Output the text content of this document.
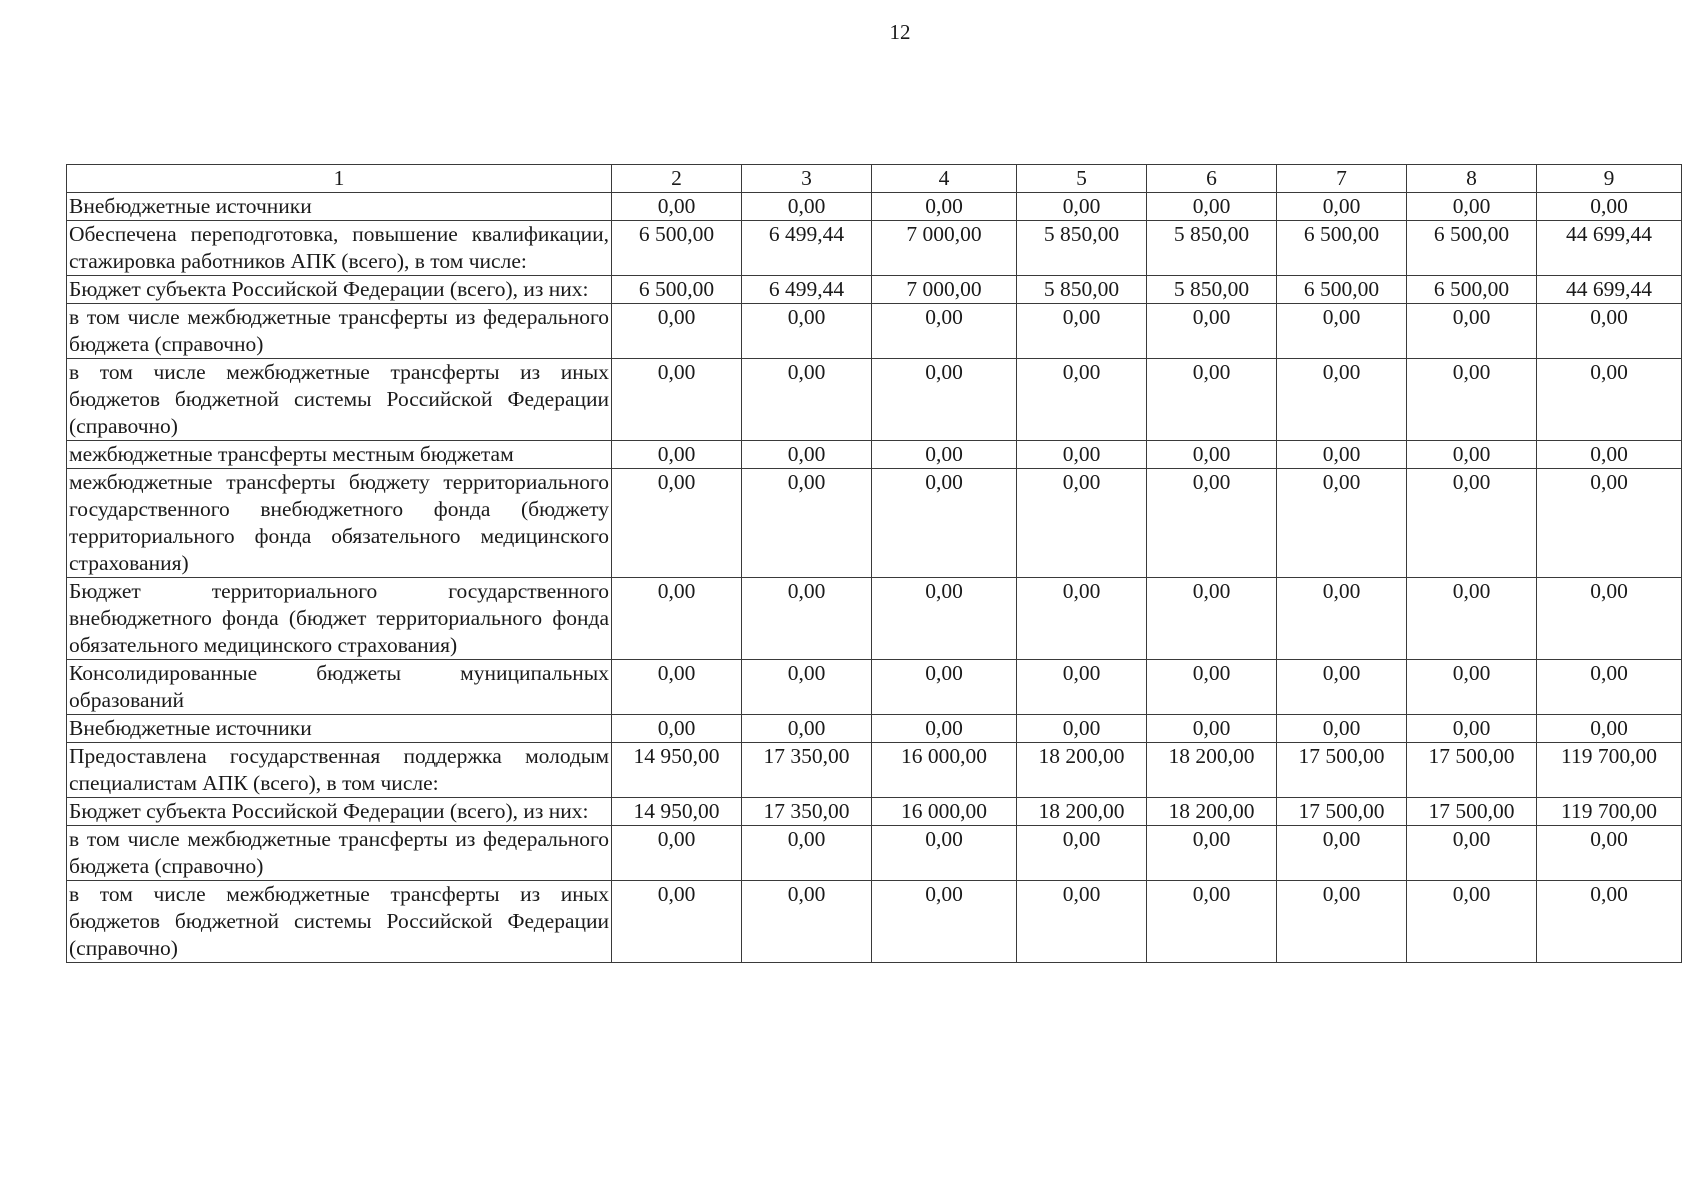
12
1	2	3	4	5	6	7	8	9
Внебюджетные источники	0,00	0,00	0,00	0,00	0,00	0,00	0,00	0,00
Обеспечена переподготовка, повышение квалификации, стажировка работников АПК (всего), в том числе:	6 500,00	6 499,44	7 000,00	5 850,00	5 850,00	6 500,00	6 500,00	44 699,44
Бюджет субъекта Российской Федерации (всего), из них:	6 500,00	6 499,44	7 000,00	5 850,00	5 850,00	6 500,00	6 500,00	44 699,44
в том числе межбюджетные трансферты из федерального бюджета (справочно)	0,00	0,00	0,00	0,00	0,00	0,00	0,00	0,00
в том числе межбюджетные трансферты из иных бюджетов бюджетной системы Российской Федерации (справочно)	0,00	0,00	0,00	0,00	0,00	0,00	0,00	0,00
межбюджетные трансферты местным бюджетам	0,00	0,00	0,00	0,00	0,00	0,00	0,00	0,00
межбюджетные трансферты бюджету территориального государственного внебюджетного фонда (бюджету территориального фонда обязательного медицинского страхования)	0,00	0,00	0,00	0,00	0,00	0,00	0,00	0,00
Бюджет территориального государственного внебюджетного фонда (бюджет территориального фонда обязательного медицинского страхования)	0,00	0,00	0,00	0,00	0,00	0,00	0,00	0,00
Консолидированные бюджеты муниципальных образований	0,00	0,00	0,00	0,00	0,00	0,00	0,00	0,00
Внебюджетные источники	0,00	0,00	0,00	0,00	0,00	0,00	0,00	0,00
Предоставлена государственная поддержка молодым специалистам АПК (всего), в том числе:	14 950,00	17 350,00	16 000,00	18 200,00	18 200,00	17 500,00	17 500,00	119 700,00
Бюджет субъекта Российской Федерации (всего), из них:	14 950,00	17 350,00	16 000,00	18 200,00	18 200,00	17 500,00	17 500,00	119 700,00
в том числе межбюджетные трансферты из федерального бюджета (справочно)	0,00	0,00	0,00	0,00	0,00	0,00	0,00	0,00
в том числе межбюджетные трансферты из иных бюджетов бюджетной системы Российской Федерации (справочно)	0,00	0,00	0,00	0,00	0,00	0,00	0,00	0,00
